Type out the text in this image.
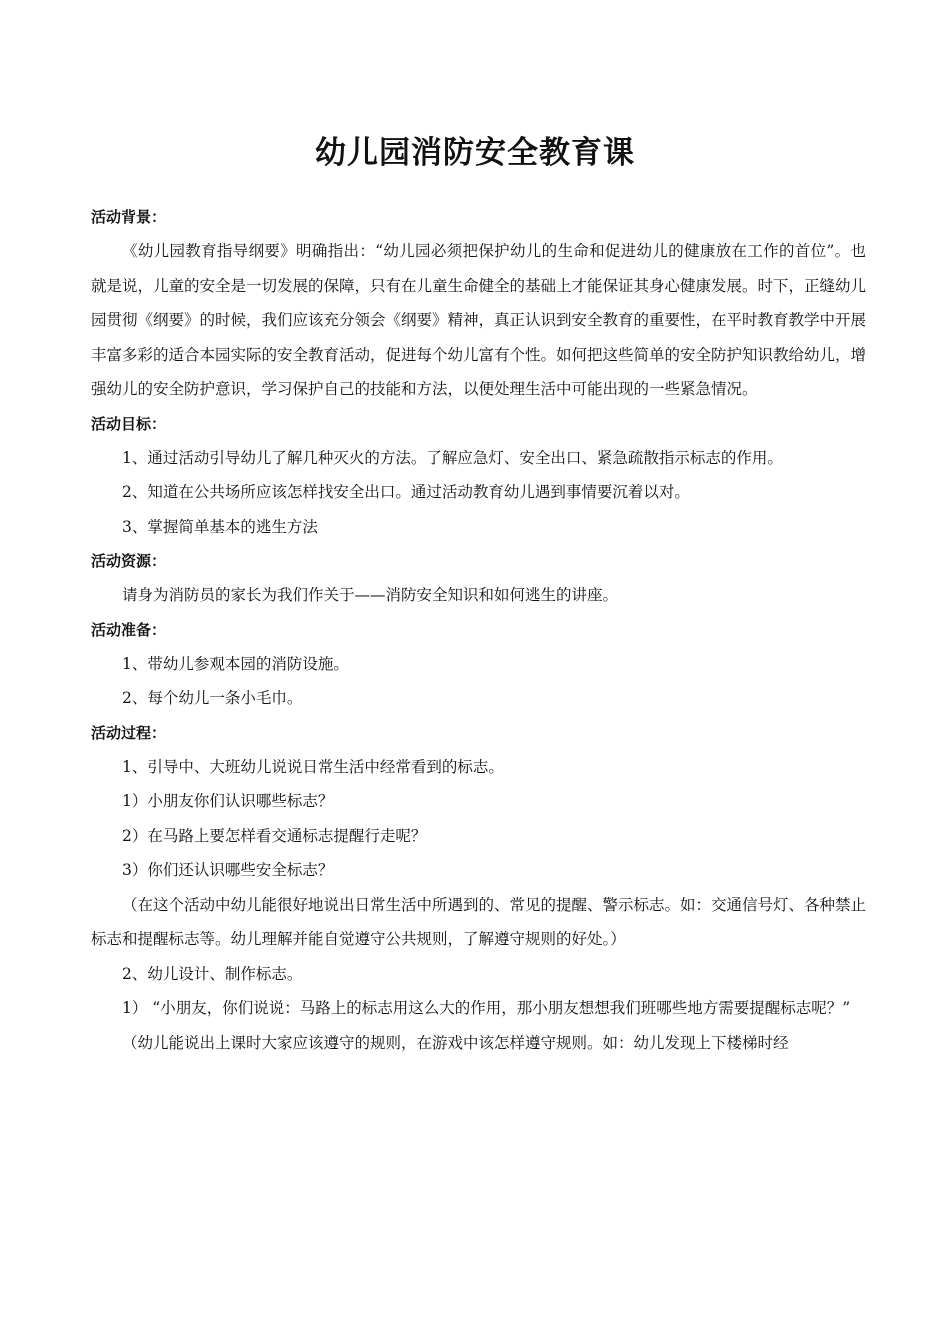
幼儿园消防安全教育课
活动背景：

《幼儿园教育指导纲要》明确指出：“幼儿园必须把保护幼儿的生命和促进幼儿的健康放在工作的首位”。也就是说，儿童的安全是一切发展的保障，只有在儿童生命健全的基础上才能保证其身心健康发展。时下，正缝幼儿园贯彻《纲要》的时候，我们应该充分领会《纲要》精神，真正认识到安全教育的重要性，在平时教育教学中开展丰富多彩的适合本园实际的安全教育活动，促进每个幼儿富有个性。如何把这些简单的安全防护知识教给幼儿，增强幼儿的安全防护意识，学习保护自己的技能和方法，以便处理生活中可能出现的一些紧急情况。

活动目标：
1、通过活动引导幼儿了解几种灭火的方法。了解应急灯、安全出口、紧急疏散指示标志的作用。
2、知道在公共场所应该怎样找安全出口。通过活动教育幼儿遇到事情要沉着以对。
3、掌握简单基本的逃生方法
活动资源：
请身为消防员的家长为我们作关于——消防安全知识和如何逃生的讲座。
活动准备：
1、带幼儿参观本园的消防设施。
2、每个幼儿一条小毛巾。
活动过程：
1、引导中、大班幼儿说说日常生活中经常看到的标志。
1）小朋友你们认识哪些标志？
2）在马路上要怎样看交通标志提醒行走呢？
3）你们还认识哪些安全标志？

（在这个活动中幼儿能很好地说出日常生活中所遇到的、常见的提醒、警示标志。如：交通信号灯、各种禁止标志和提醒标志等。幼儿理解并能自觉遵守公共规则，了解遵守规则的好处。）

2、幼儿设计、制作标志。

1） “小朋友，你们说说：马路上的标志用这么大的作用，那小朋友想想我们班哪些地方需要提醒标志呢？”

（幼儿能说出上课时大家应该遵守的规则，在游戏中该怎样遵守规则。如：幼儿发现上下楼梯时经
